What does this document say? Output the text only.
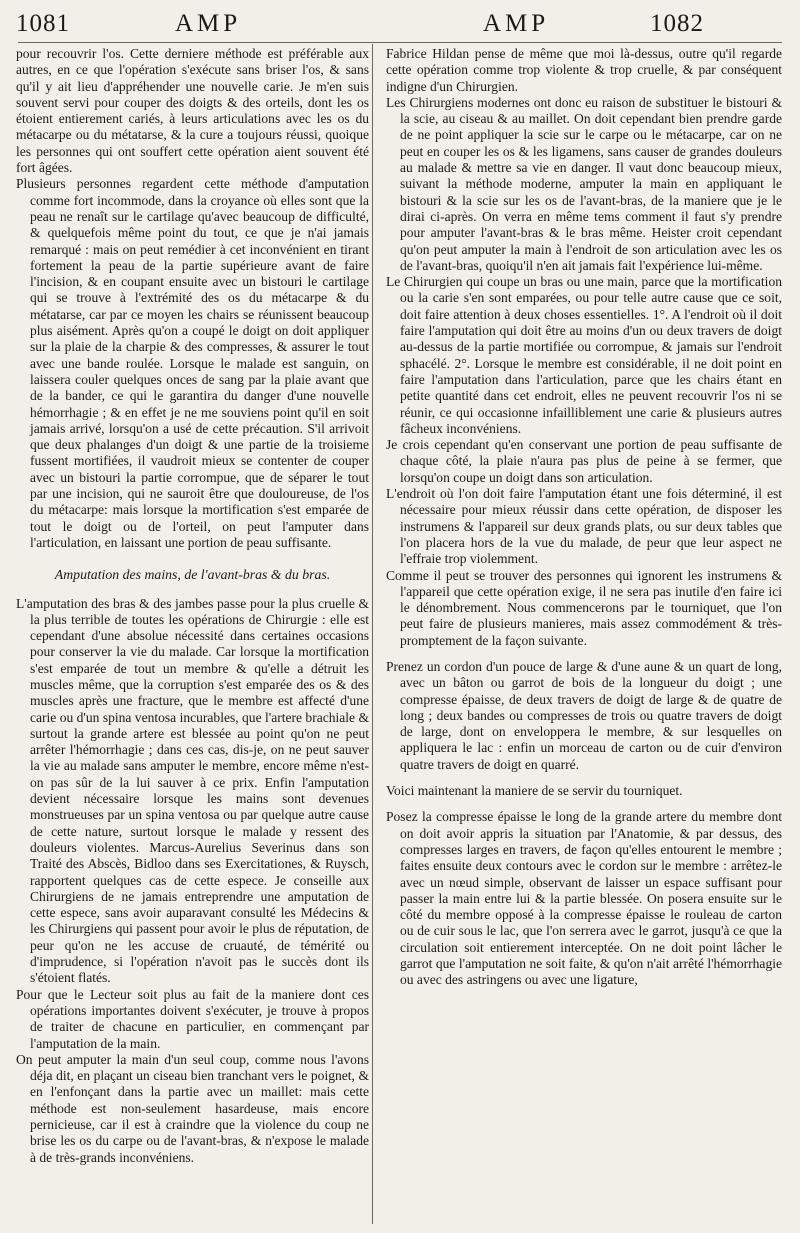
1081	AMP	AMP	1082

pour recouvrir l'os. Cette derniere méthode est préférable aux autres, en ce que l'opération s'exécute sans briser l'os, & sans qu'il y ait lieu d'appréhender une nouvelle carie. Je m'en suis souvent servi pour couper des doigts & des orteils, dont les os étoient entierement cariés, à leurs articulations avec les os du métacarpe ou du métatarse, & la cure a toujours réussi, quoique les personnes qui ont souffert cette opération aient souvent été fort âgées.

Plusieurs personnes regardent cette méthode d'amputation comme fort incommode, dans la croyance où elles sont que la peau ne renaît sur le cartilage qu'avec beaucoup de difficulté, & quelquefois même point du tout, ce que je n'ai jamais remarqué : mais on peut remédier à cet inconvénient en tirant fortement la peau de la partie supérieure avant de faire l'incision, & en coupant ensuite avec un bistouri le cartilage qui se trouve à l'extrémité des os du métacarpe & du métatarse, car par ce moyen les chairs se réunissent beaucoup plus aisément. Après qu'on a coupé le doigt on doit appliquer sur la plaie de la charpie & des compresses, & assurer le tout avec une bande roulée. Lorsque le malade est sanguin, on laissera couler quelques onces de sang par la plaie avant que de la bander, ce qui le garantira du danger d'une nouvelle hémorrhagie ; & en effet je ne me souviens point qu'il en soit jamais arrivé, lorsqu'on a usé de cette précaution. S'il arrivoit que deux phalanges d'un doigt & une partie de la troisieme fussent mortifiées, il vaudroit mieux se contenter de couper avec un bistouri la partie corrompue, que de séparer le tout par une incision, qui ne sauroit être que douloureuse, de l'os du métacarpe: mais lorsque la mortification s'est emparée de tout le doigt ou de l'orteil, on peut l'amputer dans l'articulation, en laissant une portion de peau suffisante.

Amputation des mains, de l'avant-bras & du bras.

L'amputation des bras & des jambes passe pour la plus cruelle & la plus terrible de toutes les opérations de Chirurgie : elle est cependant d'une absolue nécessité dans certaines occasions pour conserver la vie du malade. Car lorsque la mortification s'est emparée de tout un membre & qu'elle a détruit les muscles même, que la corruption s'est emparée des os & des muscles après une fracture, que le membre est affecté d'une carie ou d'un spina ventosa incurables, que l'artere brachiale & surtout la grande artere est blessée au point qu'on ne peut arrêter l'hémorrhagie ; dans ces cas, dis-je, on ne peut sauver la vie au malade sans amputer le membre, encore même n'est-on pas sûr de la lui sauver à ce prix. Enfin l'amputation devient nécessaire lorsque les mains sont devenues monstrueuses par un spina ventosa ou par quelque autre cause de cette nature, surtout lorsque le malade y ressent des douleurs violentes. Marcus-Aurelius Severinus dans son Traité des Abscès, Bidloo dans ses Exercitationes, & Ruysch, rapportent quelques cas de cette espece. Je conseille aux Chirurgiens de ne jamais entreprendre une amputation de cette espece, sans avoir auparavant consulté les Médecins & les Chirurgiens qui passent pour avoir le plus de réputation, de peur qu'on ne les accuse de cruauté, de témérité ou d'imprudence, si l'opération n'avoit pas le succès dont ils s'étoient flatés.

Pour que le Lecteur soit plus au fait de la maniere dont ces opérations importantes doivent s'exécuter, je trouve à propos de traiter de chacune en particulier, en commençant par l'amputation de la main.

On peut amputer la main d'un seul coup, comme nous l'avons déja dit, en plaçant un ciseau bien tranchant vers le poignet, & en l'enfonçant dans la partie avec un maillet: mais cette méthode est non-seulement hasardeuse, mais encore pernicieuse, car il est à craindre que la violence du coup ne brise les os du carpe ou de l'avant-bras, & n'expose le malade à de très-grands inconvéniens.

Fabrice Hildan pense de même que moi là-dessus, outre qu'il regarde cette opération comme trop violente & trop cruelle, & par conséquent indigne d'un Chirurgien.

Les Chirurgiens modernes ont donc eu raison de substituer le bistouri & la scie, au ciseau & au maillet. On doit cependant bien prendre garde de ne point appliquer la scie sur le carpe ou le métacarpe, car on ne peut en couper les os & les ligamens, sans causer de grandes douleurs au malade & mettre sa vie en danger. Il vaut donc beaucoup mieux, suivant la méthode moderne, amputer la main en appliquant le bistouri & la scie sur les os de l'avant-bras, de la maniere que je le dirai ci-après. On verra en même tems comment il faut s'y prendre pour amputer l'avant-bras & le bras même. Heister croit cependant qu'on peut amputer la main à l'endroit de son articulation avec les os de l'avant-bras, quoiqu'il n'en ait jamais fait l'expérience lui-même.

Le Chirurgien qui coupe un bras ou une main, parce que la mortification ou la carie s'en sont emparées, ou pour telle autre cause que ce soit, doit faire attention à deux choses essentielles. 1°. A l'endroit où il doit faire l'amputation qui doit être au moins d'un ou deux travers de doigt au-dessus de la partie mortifiée ou corrompue, & jamais sur l'endroit sphacélé. 2°. Lorsque le membre est considérable, il ne doit point en faire l'amputation dans l'articulation, parce que les chairs étant en petite quantité dans cet endroit, elles ne peuvent recouvrir l'os ni se réunir, ce qui occasionne infailliblement une carie & plusieurs autres fâcheux inconvéniens.

Je crois cependant qu'en conservant une portion de peau suffisante de chaque côté, la plaie n'aura pas plus de peine à se fermer, que lorsqu'on coupe un doigt dans son articulation.

L'endroit où l'on doit faire l'amputation étant une fois déterminé, il est nécessaire pour mieux réussir dans cette opération, de disposer les instrumens & l'appareil sur deux grands plats, ou sur deux tables que l'on placera hors de la vue du malade, de peur que leur aspect ne l'effraie trop violemment.

Comme il peut se trouver des personnes qui ignorent les instrumens & l'appareil que cette opération exige, il ne sera pas inutile d'en faire ici le dénombrement. Nous commencerons par le tourniquet, que l'on peut faire de plusieurs manieres, mais assez commodément & très-promptement de la façon suivante.

Prenez un cordon d'un pouce de large & d'une aune & un quart de long, avec un bâton ou garrot de bois de la longueur du doigt ; une compresse épaisse, de deux travers de doigt de large & de quatre de long ; deux bandes ou compresses de trois ou quatre travers de doigt de large, dont on enveloppera le membre, & sur lesquelles on appliquera le lac : enfin un morceau de carton ou de cuir d'environ quatre travers de doigt en quarré.

Voici maintenant la maniere de se servir du tourniquet.

Posez la compresse épaisse le long de la grande artere du membre dont on doit avoir appris la situation par l'Anatomie, & par dessus, des compresses larges en travers, de façon qu'elles entourent le membre ; faites ensuite deux contours avec le cordon sur le membre : arrêtez-le avec un nœud simple, observant de laisser un espace suffisant pour passer la main entre lui & la partie blessée. On posera ensuite sur le côté du membre opposé à la compresse épaisse le rouleau de carton ou de cuir sous le lac, que l'on serrera avec le garrot, jusqu'à ce que la circulation soit entierement interceptée. On ne doit point lâcher le garrot que l'amputation ne soit faite, & qu'on n'ait arrêté l'hémorrhagie ou avec des astringens ou avec une ligature,
